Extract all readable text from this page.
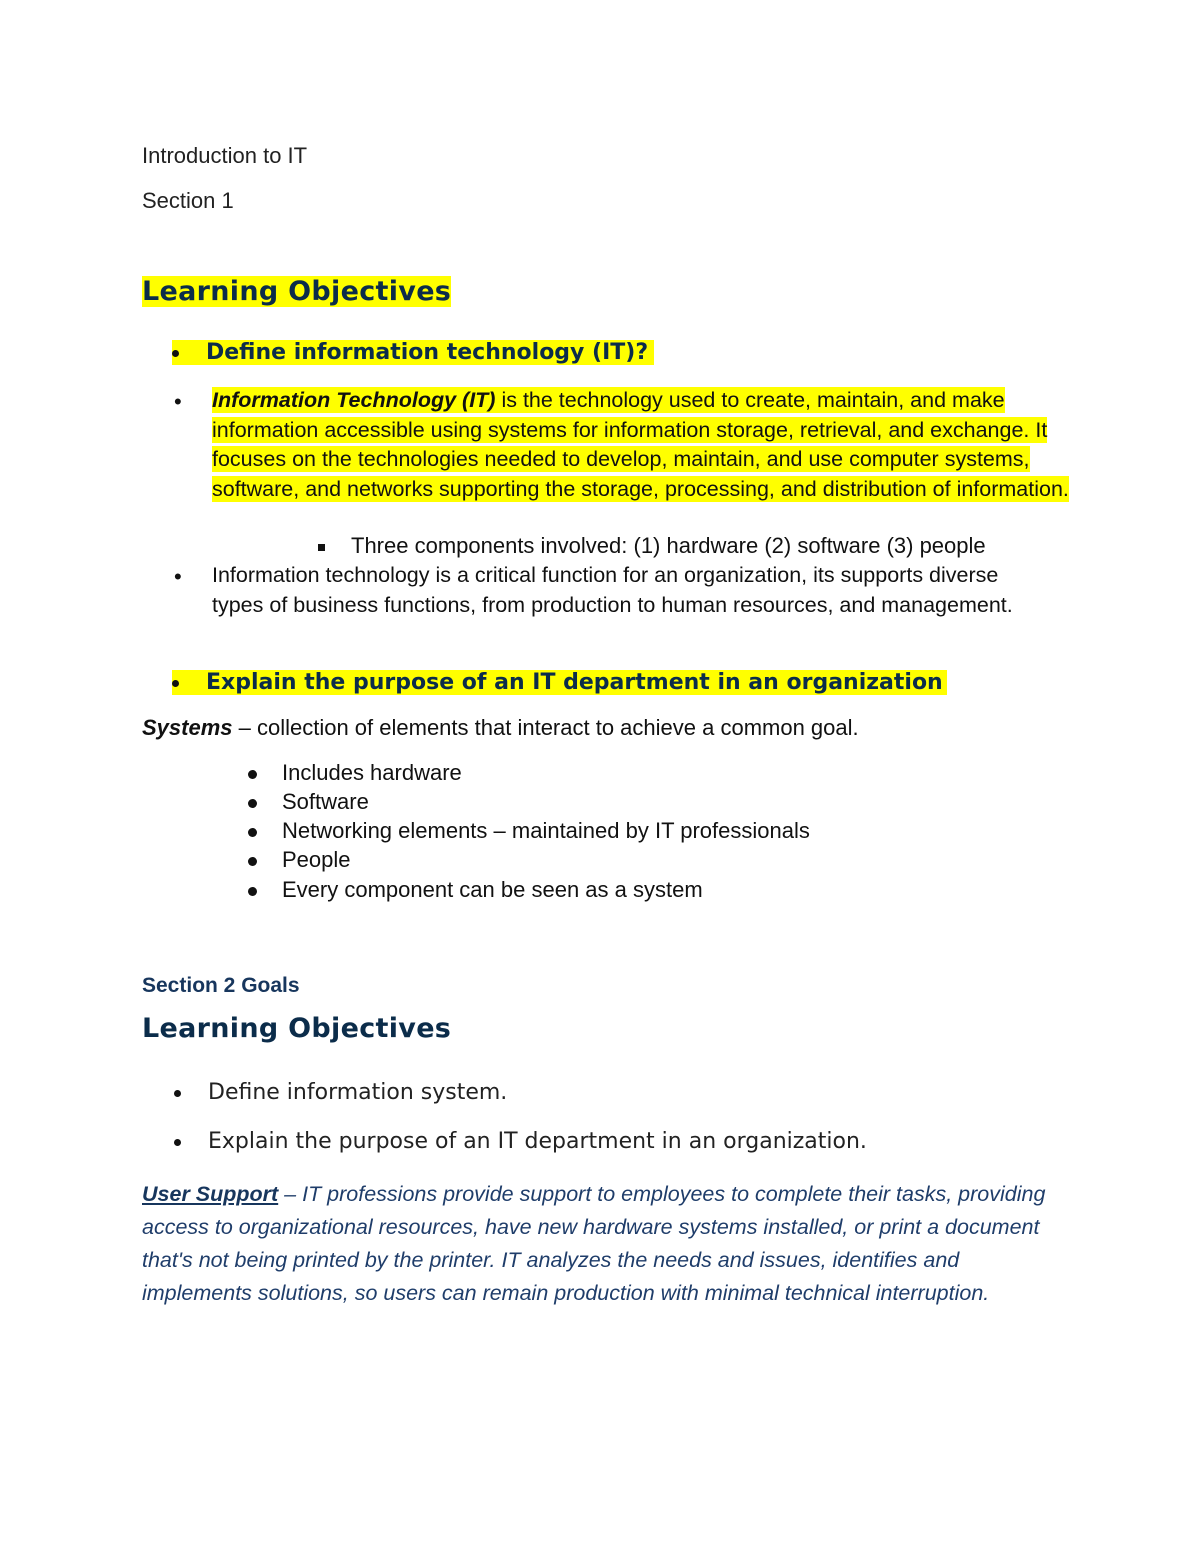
Introduction to IT
Section 1
Learning Objectives
Define information technology (IT)?
• Information Technology (IT) is the technology used to create, maintain, and make information accessible using systems for information storage, retrieval, and exchange. It focuses on the technologies needed to develop, maintain, and use computer systems, software, and networks supporting the storage, processing, and distribution of information.
Three components involved: (1) hardware (2) software (3) people
• Information technology is a critical function for an organization, its supports diverse types of business functions, from production to human resources, and management.
Explain the purpose of an IT department in an organization
Systems – collection of elements that interact to achieve a common goal.
Includes hardware
Software
Networking elements – maintained by IT professionals
People
Every component can be seen as a system
Section 2 Goals
Learning Objectives
Define information system.
Explain the purpose of an IT department in an organization.
User Support – IT professions provide support to employees to complete their tasks, providing access to organizational resources, have new hardware systems installed, or print a document that's not being printed by the printer. IT analyzes the needs and issues, identifies and implements solutions, so users can remain production with minimal technical interruption.
